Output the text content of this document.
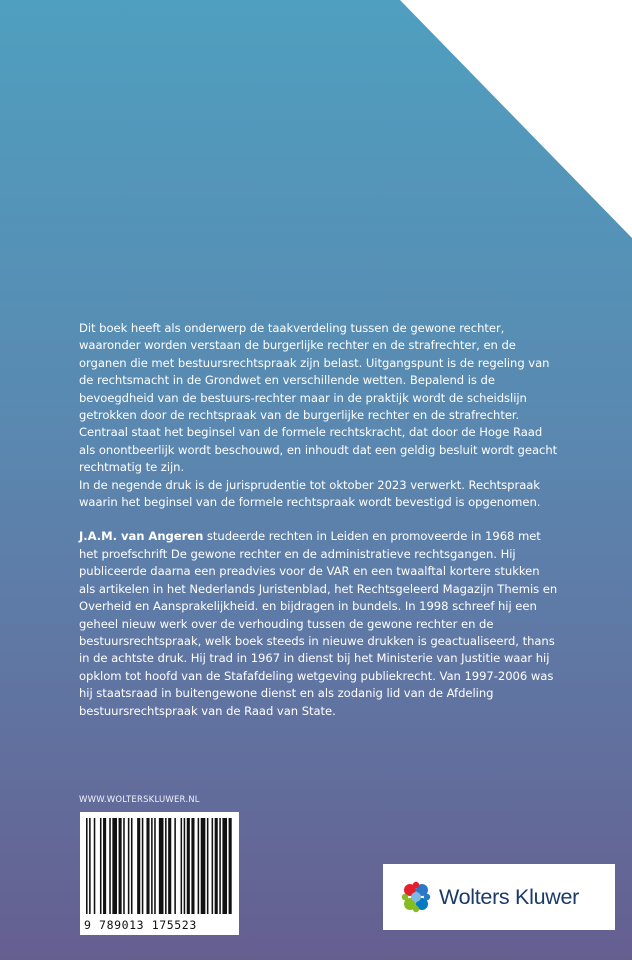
Dit boek heeft als onderwerp de taakverdeling tussen de gewone rechter, waaronder worden verstaan de burgerlijke rechter en de strafrechter, en de organen die met bestuursrechtspraak zijn belast. Uitgangspunt is de regeling van de rechtsmacht in de Grondwet en verschillende wetten. Bepalend is de bevoegdheid van de bestuurs-rechter maar in de praktijk wordt de scheidslijn getrokken door de rechtspraak van de burgerlijke rechter en de strafrechter. Centraal staat het beginsel van de formele rechtskracht, dat door de Hoge Raad als onontbeerlijk wordt beschouwd, en inhoudt dat een geldig besluit wordt geacht rechtmatig te zijn.

In de negende druk is de jurisprudentie tot oktober 2023 verwerkt. Rechtspraak waarin het beginsel van de formele rechtspraak wordt bevestigd is opgenomen.

J.A.M. van Angeren studeerde rechten in Leiden en promoveerde in 1968 met het proefschrift De gewone rechter en de administratieve rechtsgangen. Hij publiceerde daarna een preadvies voor de VAR en een twaalftal kortere stukken als artikelen in het Nederlands Juristenblad, het Rechtsgeleerd Magazijn Themis en Overheid en Aansprakelijkheid. en bijdragen in bundels. In 1998 schreef hij een geheel nieuw werk over de verhouding tussen de gewone rechter en de bestuursrechtspraak, welk boek steeds in nieuwe drukken is geactualiseerd, thans in de achtste druk. Hij trad in 1967 in dienst bij het Ministerie van Justitie waar hij opklom tot hoofd van de Stafafdeling wetgeving publiekrecht. Van 1997-2006 was hij staatsraad in buitengewone dienst en als zodanig lid van de Afdeling bestuursrechtspraak van de Raad van State.

WWW.WOLTERSKLUWER.NL
9 789013 175523
Wolters Kluwer
